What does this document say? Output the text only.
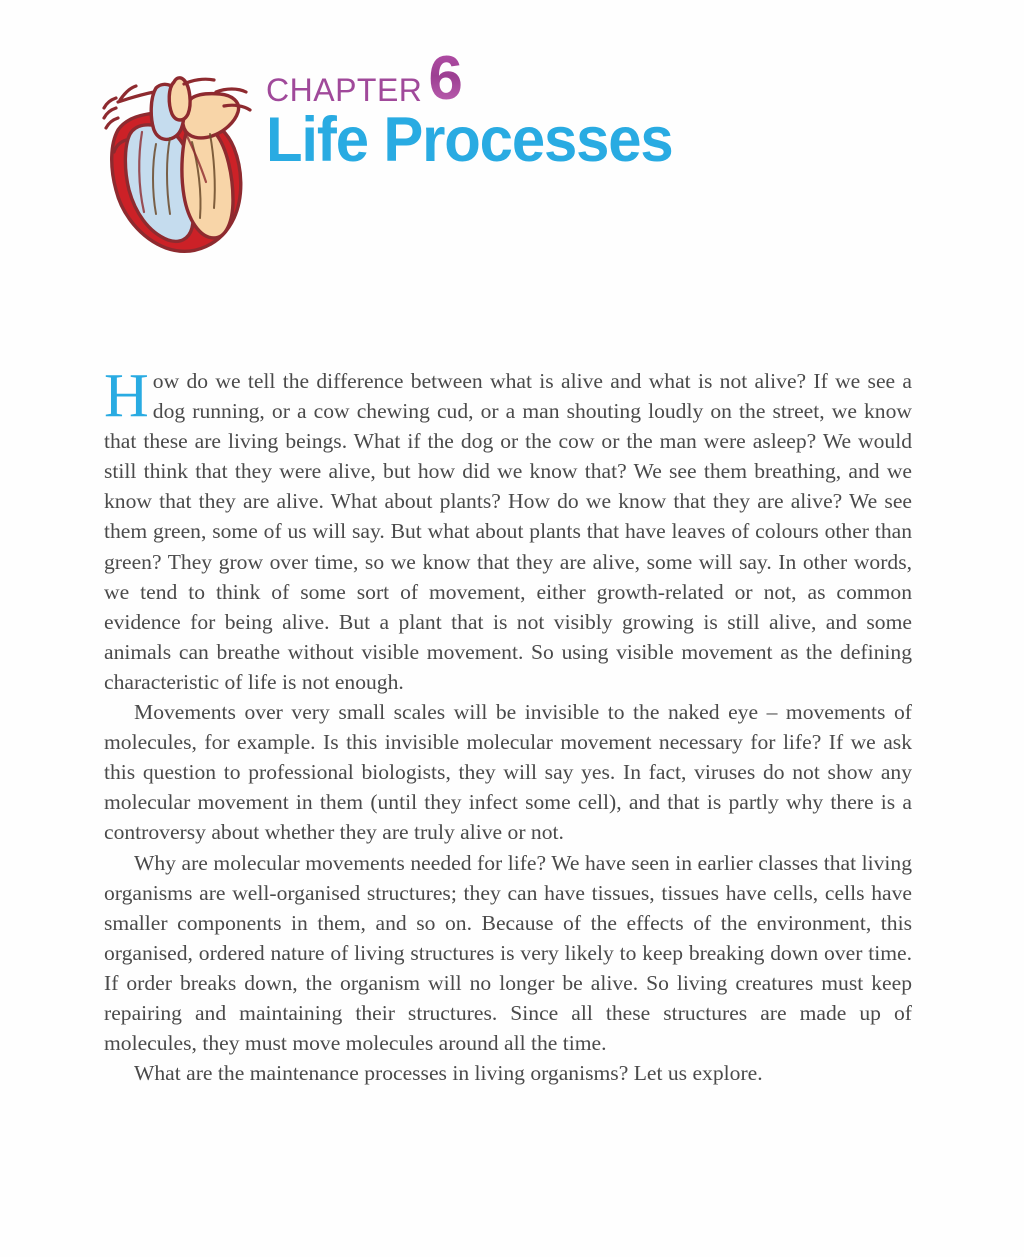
CHAPTER 6
Life Processes

How do we tell the difference between what is alive and what is not alive? If we see a dog running, or a cow chewing cud, or a man shouting loudly on the street, we know that these are living beings. What if the dog or the cow or the man were asleep? We would still think that they were alive, but how did we know that? We see them breathing, and we know that they are alive. What about plants? How do we know that they are alive? We see them green, some of us will say. But what about plants that have leaves of colours other than green? They grow over time, so we know that they are alive, some will say. In other words, we tend to think of some sort of movement, either growth-related or not, as common evidence for being alive. But a plant that is not visibly growing is still alive, and some animals can breathe without visible movement. So using visible movement as the defining characteristic of life is not enough.

Movements over very small scales will be invisible to the naked eye – movements of molecules, for example. Is this invisible molecular movement necessary for life? If we ask this question to professional biologists, they will say yes. In fact, viruses do not show any molecular movement in them (until they infect some cell), and that is partly why there is a controversy about whether they are truly alive or not.

Why are molecular movements needed for life? We have seen in earlier classes that living organisms are well-organised structures; they can have tissues, tissues have cells, cells have smaller components in them, and so on. Because of the effects of the environment, this organised, ordered nature of living structures is very likely to keep breaking down over time. If order breaks down, the organism will no longer be alive. So living creatures must keep repairing and maintaining their structures. Since all these structures are made up of molecules, they must move molecules around all the time.

What are the maintenance processes in living organisms? Let us explore.
